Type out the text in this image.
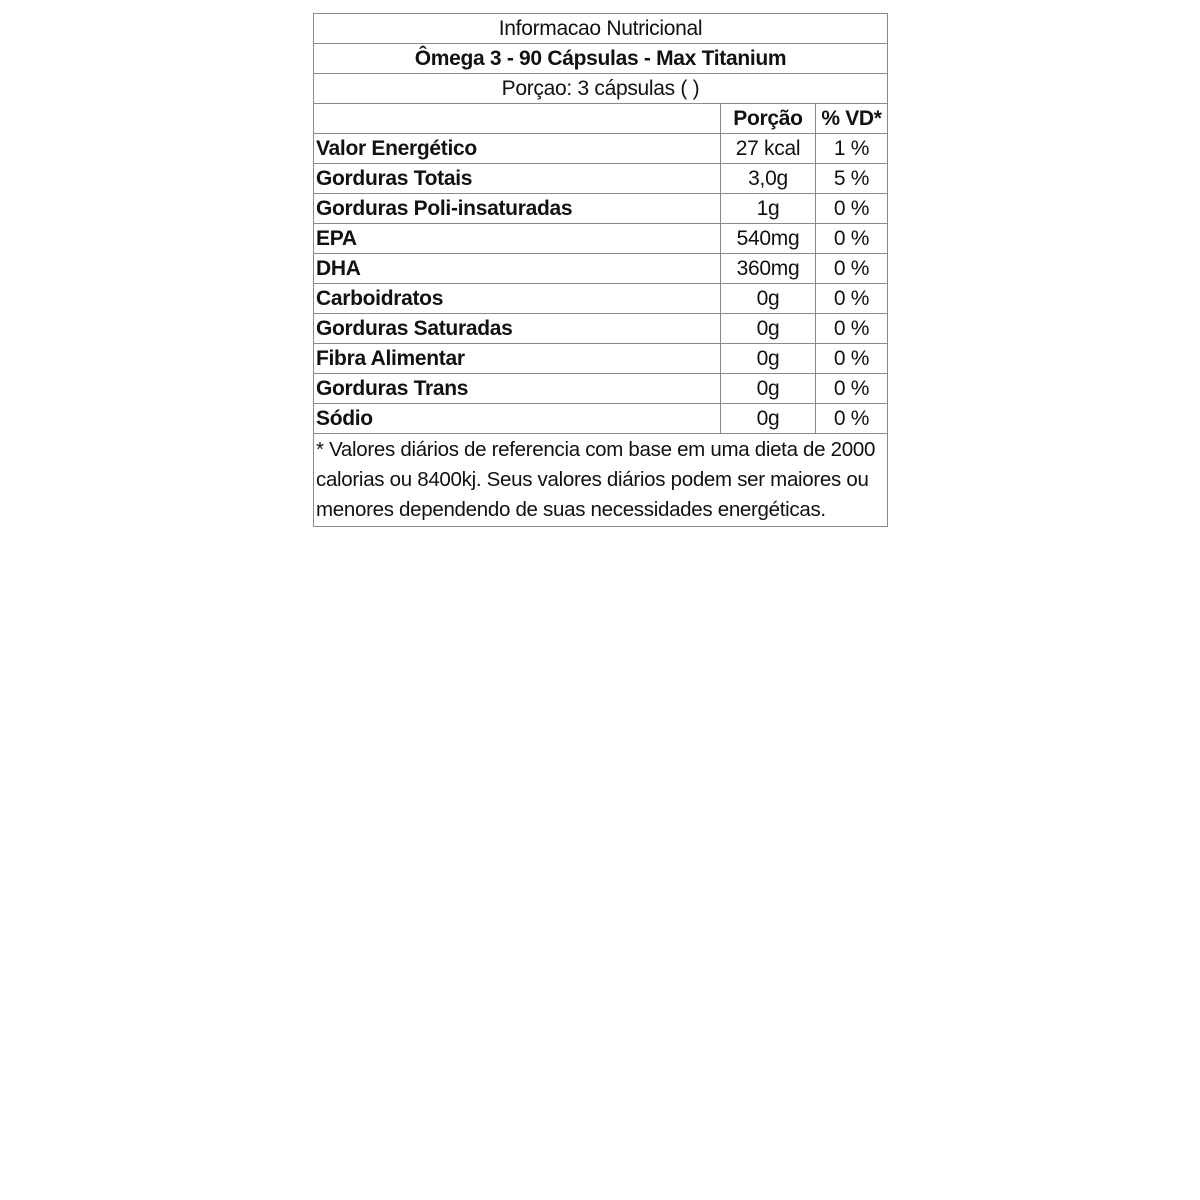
Informacao Nutricional		
Ômega 3 - 90 Cápsulas - Max Titanium		
Porçao: 3 cápsulas ( )		
	Porção	% VD*
Valor Energético	27 kcal	1 %
Gorduras Totais	3,0g	5 %
Gorduras Poli-insaturadas	1g	0 %
EPA	540mg	0 %
DHA	360mg	0 %
Carboidratos	0g	0 %
Gorduras Saturadas	0g	0 %
Fibra Alimentar	0g	0 %
Gorduras Trans	0g	0 %
Sódio	0g	0 %
* Valores diários de referencia com base em uma dieta de 2000 calorias ou 8400kj. Seus valores diários podem ser maiores ou menores dependendo de suas necessidades energéticas.		
